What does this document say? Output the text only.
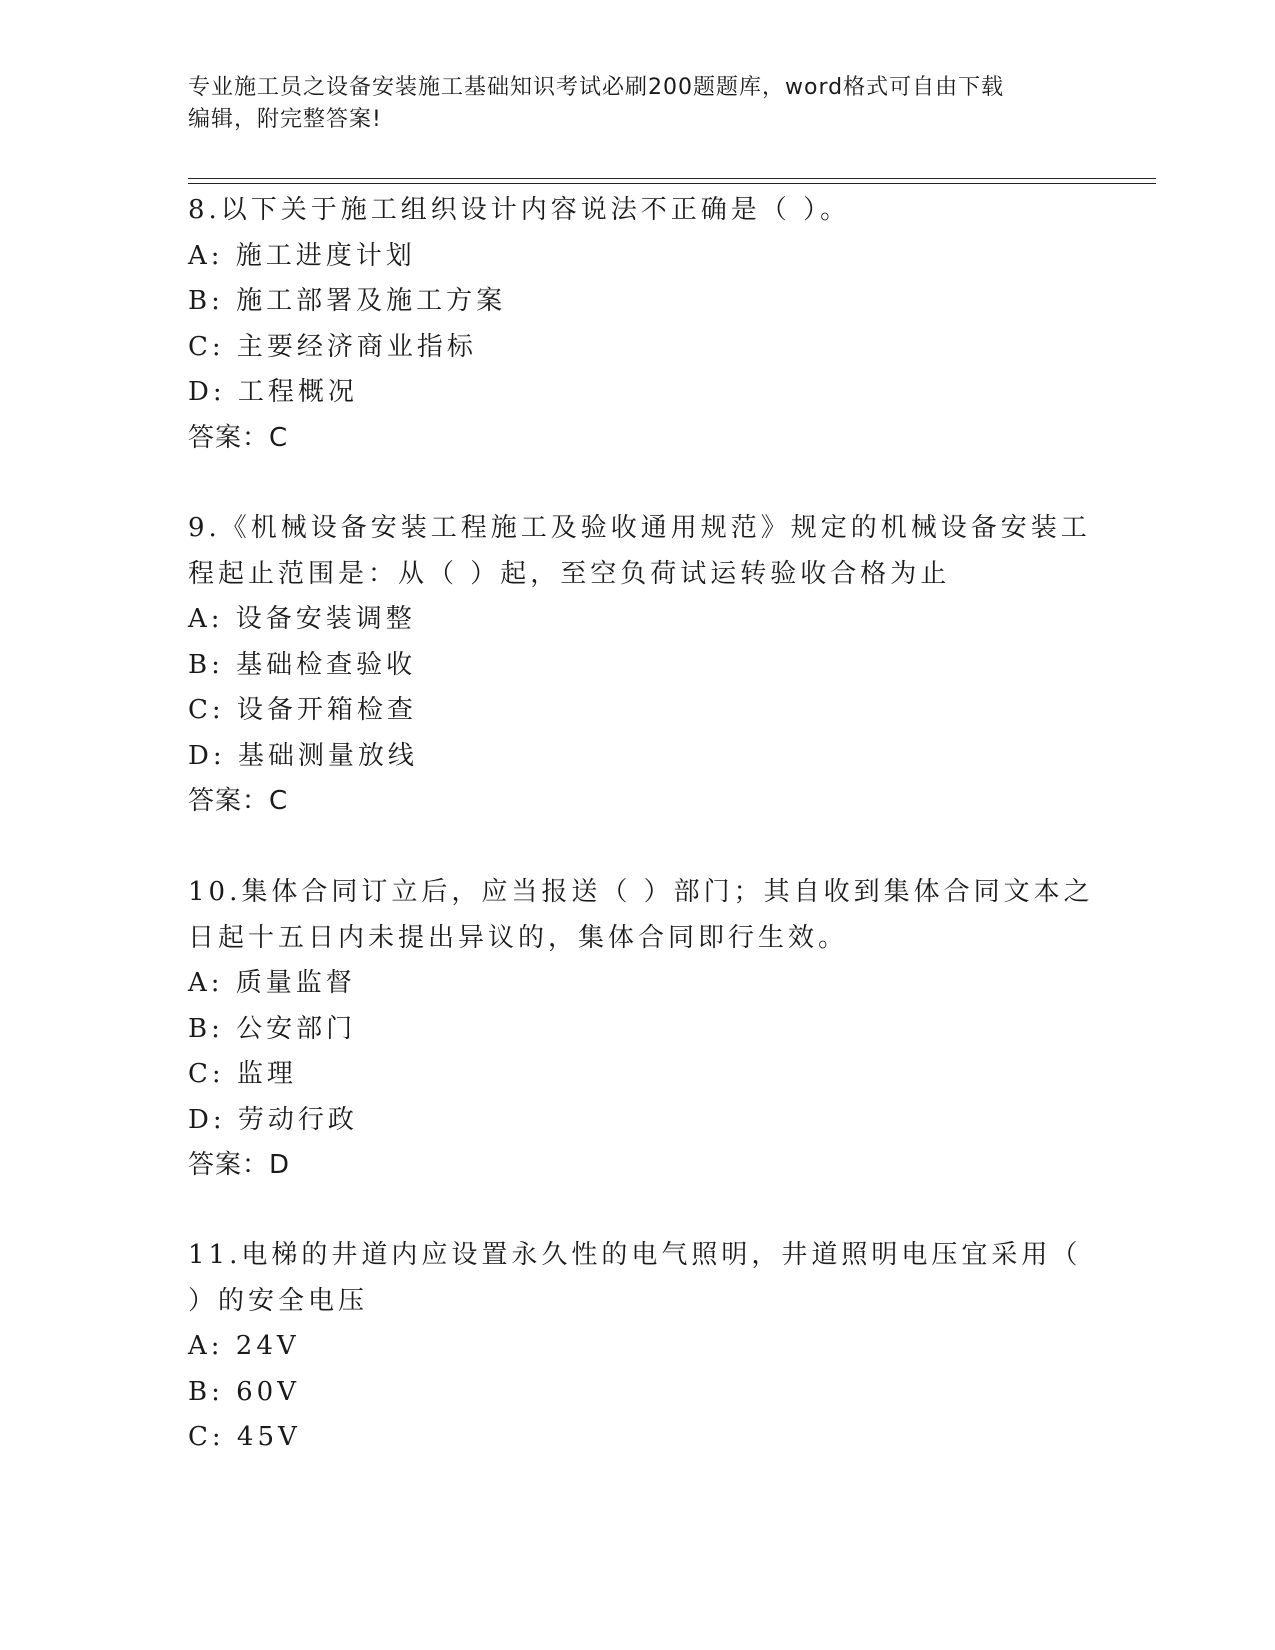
专业施工员之设备安装施工基础知识考试必刷200题题库，word格式可自由下载
编辑，附完整答案!
8.以下关于施工组织设计内容说法不正确是（ ）。
A: 施工进度计划
B: 施工部署及施工方案
C: 主要经济商业指标
D: 工程概况
答案：C
9.《机械设备安装工程施工及验收通用规范》规定的机械设备安装工
程起止范围是：从（ ）起，至空负荷试运转验收合格为止
A: 设备安装调整
B: 基础检查验收
C: 设备开箱检查
D: 基础测量放线
答案：C
10.集体合同订立后，应当报送（ ）部门；其自收到集体合同文本之
日起十五日内未提出异议的，集体合同即行生效。
A: 质量监督
B: 公安部门
C: 监理
D: 劳动行政
答案：D
11.电梯的井道内应设置永久性的电气照明，井道照明电压宜采用（
）的安全电压
A: 24V
B: 60V
C: 45V
